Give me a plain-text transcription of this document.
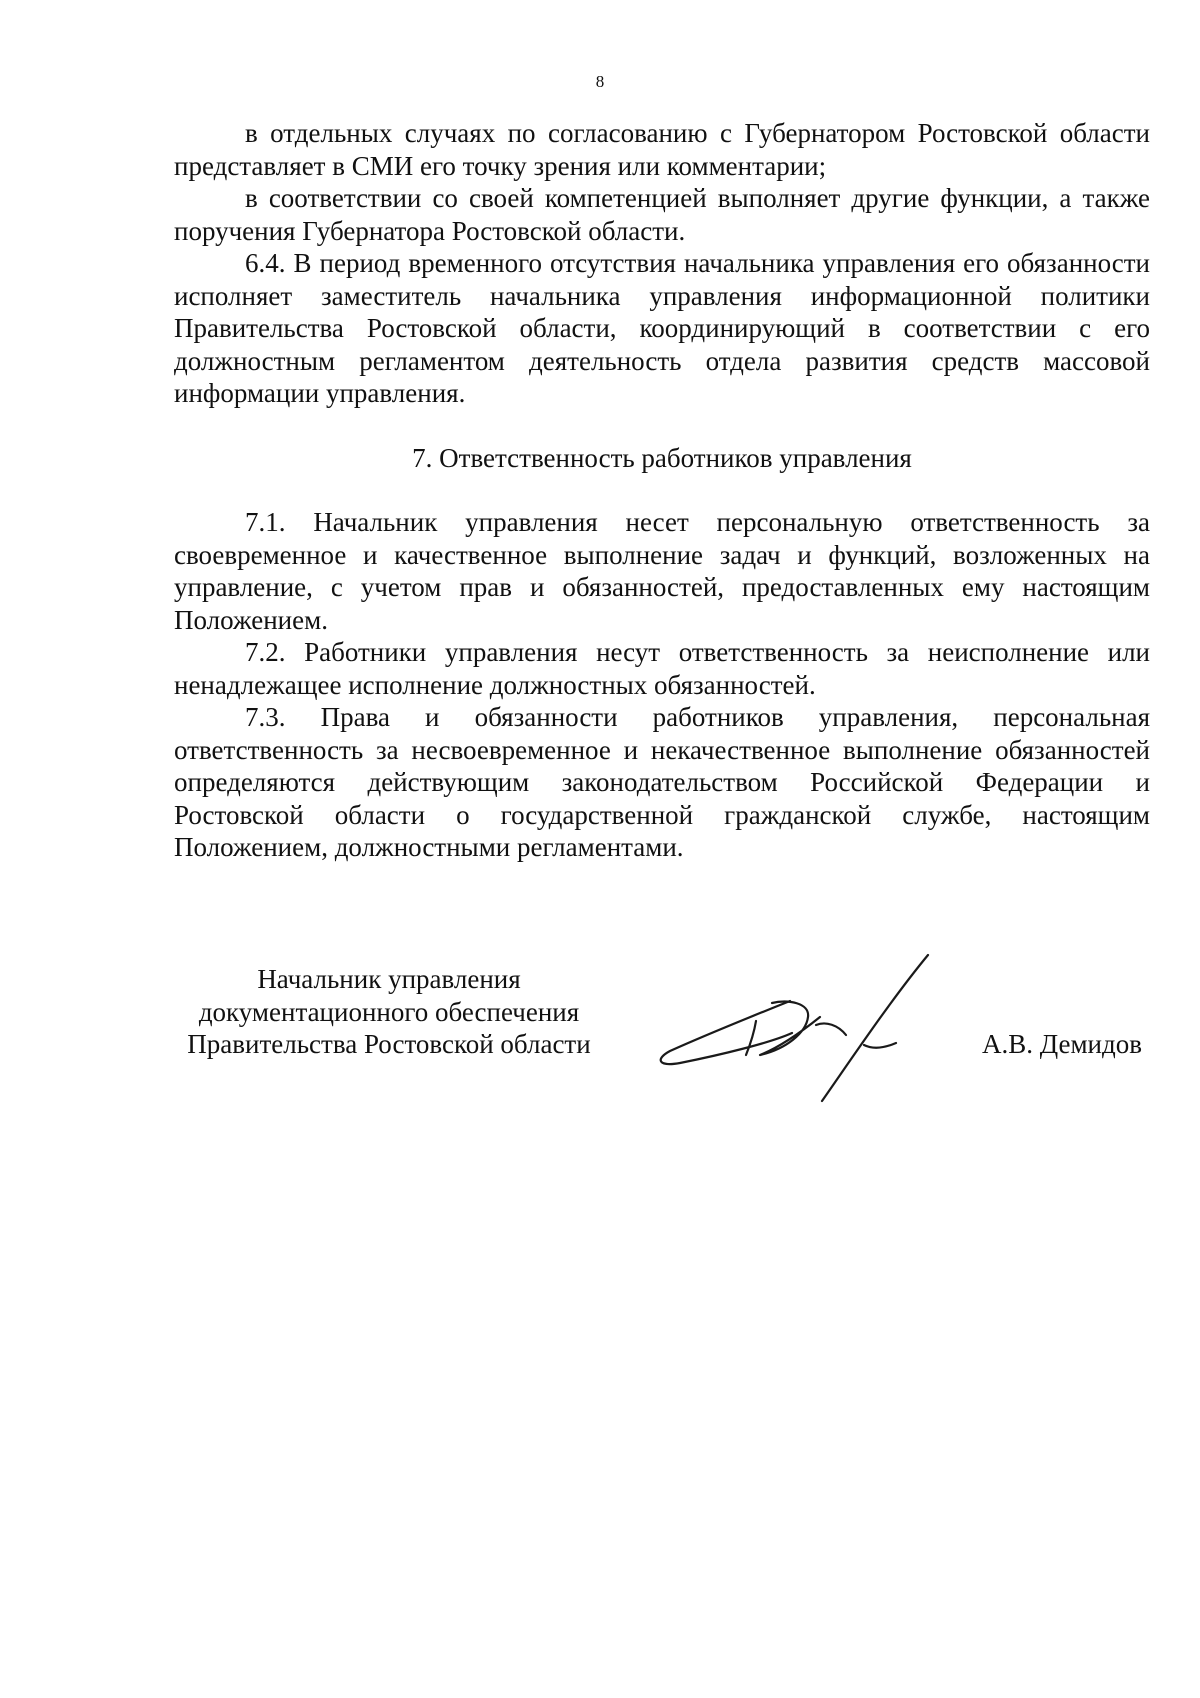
8

в отдельных случаях по согласованию с Губернатором Ростовской области представляет в СМИ его точку зрения или комментарии;

в соответствии со своей компетенцией выполняет другие функции, а также поручения Губернатора Ростовской области.

6.4. В период временного отсутствия начальника управления его обязанности исполняет заместитель начальника управления информационной политики Правительства Ростовской области, координирующий в соответствии с его должностным регламентом деятельность отдела развития средств массовой информации управления.

7. Ответственность работников управления

7.1. Начальник управления несет персональную ответственность за своевременное и качественное выполнение задач и функций, возложенных на управление, с учетом прав и обязанностей, предоставленных ему настоящим Положением.

7.2. Работники управления несут ответственность за неисполнение или ненадлежащее исполнение должностных обязанностей.

7.3. Права и обязанности работников управления, персональная ответственность за несвоевременное и некачественное выполнение обязанностей определяются действующим законодательством Российской Федерации и Ростовской области о государственной гражданской службе, настоящим Положением, должностными регламентами.

Начальник управления
документационного обеспечения
Правительства Ростовской области	А.В. Демидов
